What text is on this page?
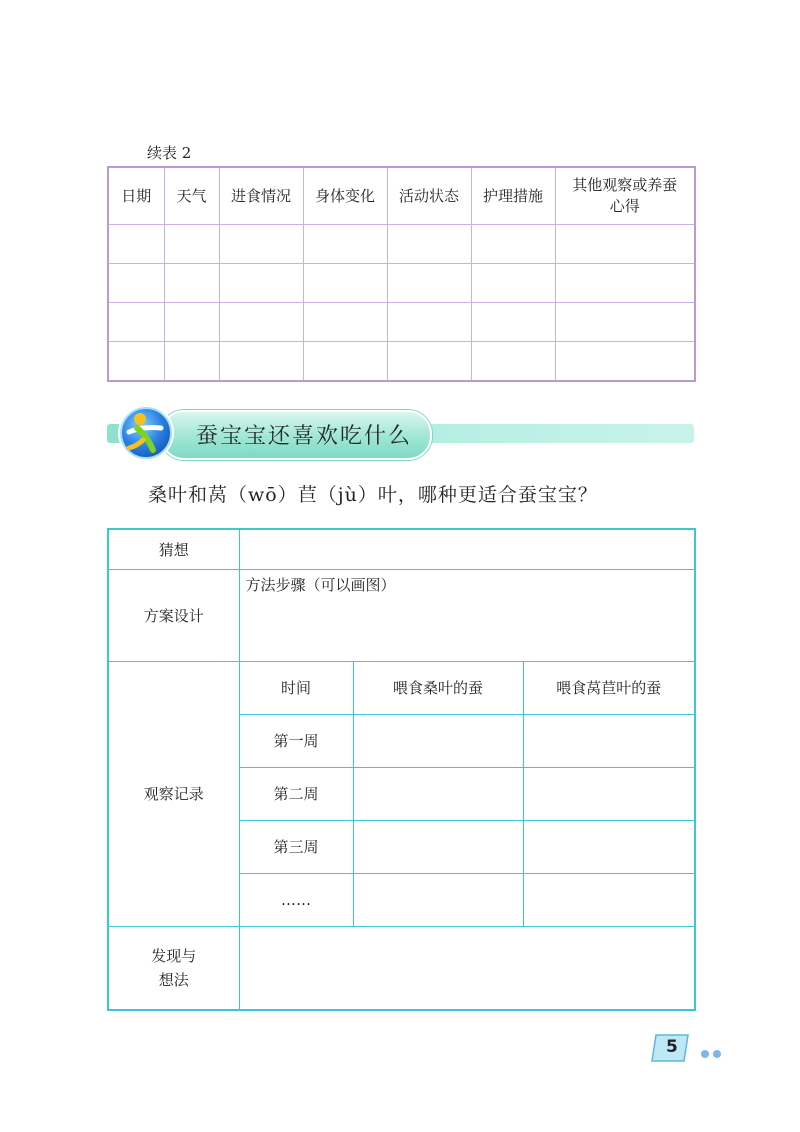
续表 2
日期	天气	进食情况	身体变化	活动状态	护理措施	其他观察或养蚕心得

蚕宝宝还喜欢吃什么
桑叶和莴（wō）苣（jù）叶，哪种更适合蚕宝宝？
猜想			
方案设计	方法步骤（可以画图）		
观察记录	时间	喂食桑叶的蚕	喂食莴苣叶的蚕
	第一周		
	第二周		
	第三周		
	……		

发现与
想法			

5
